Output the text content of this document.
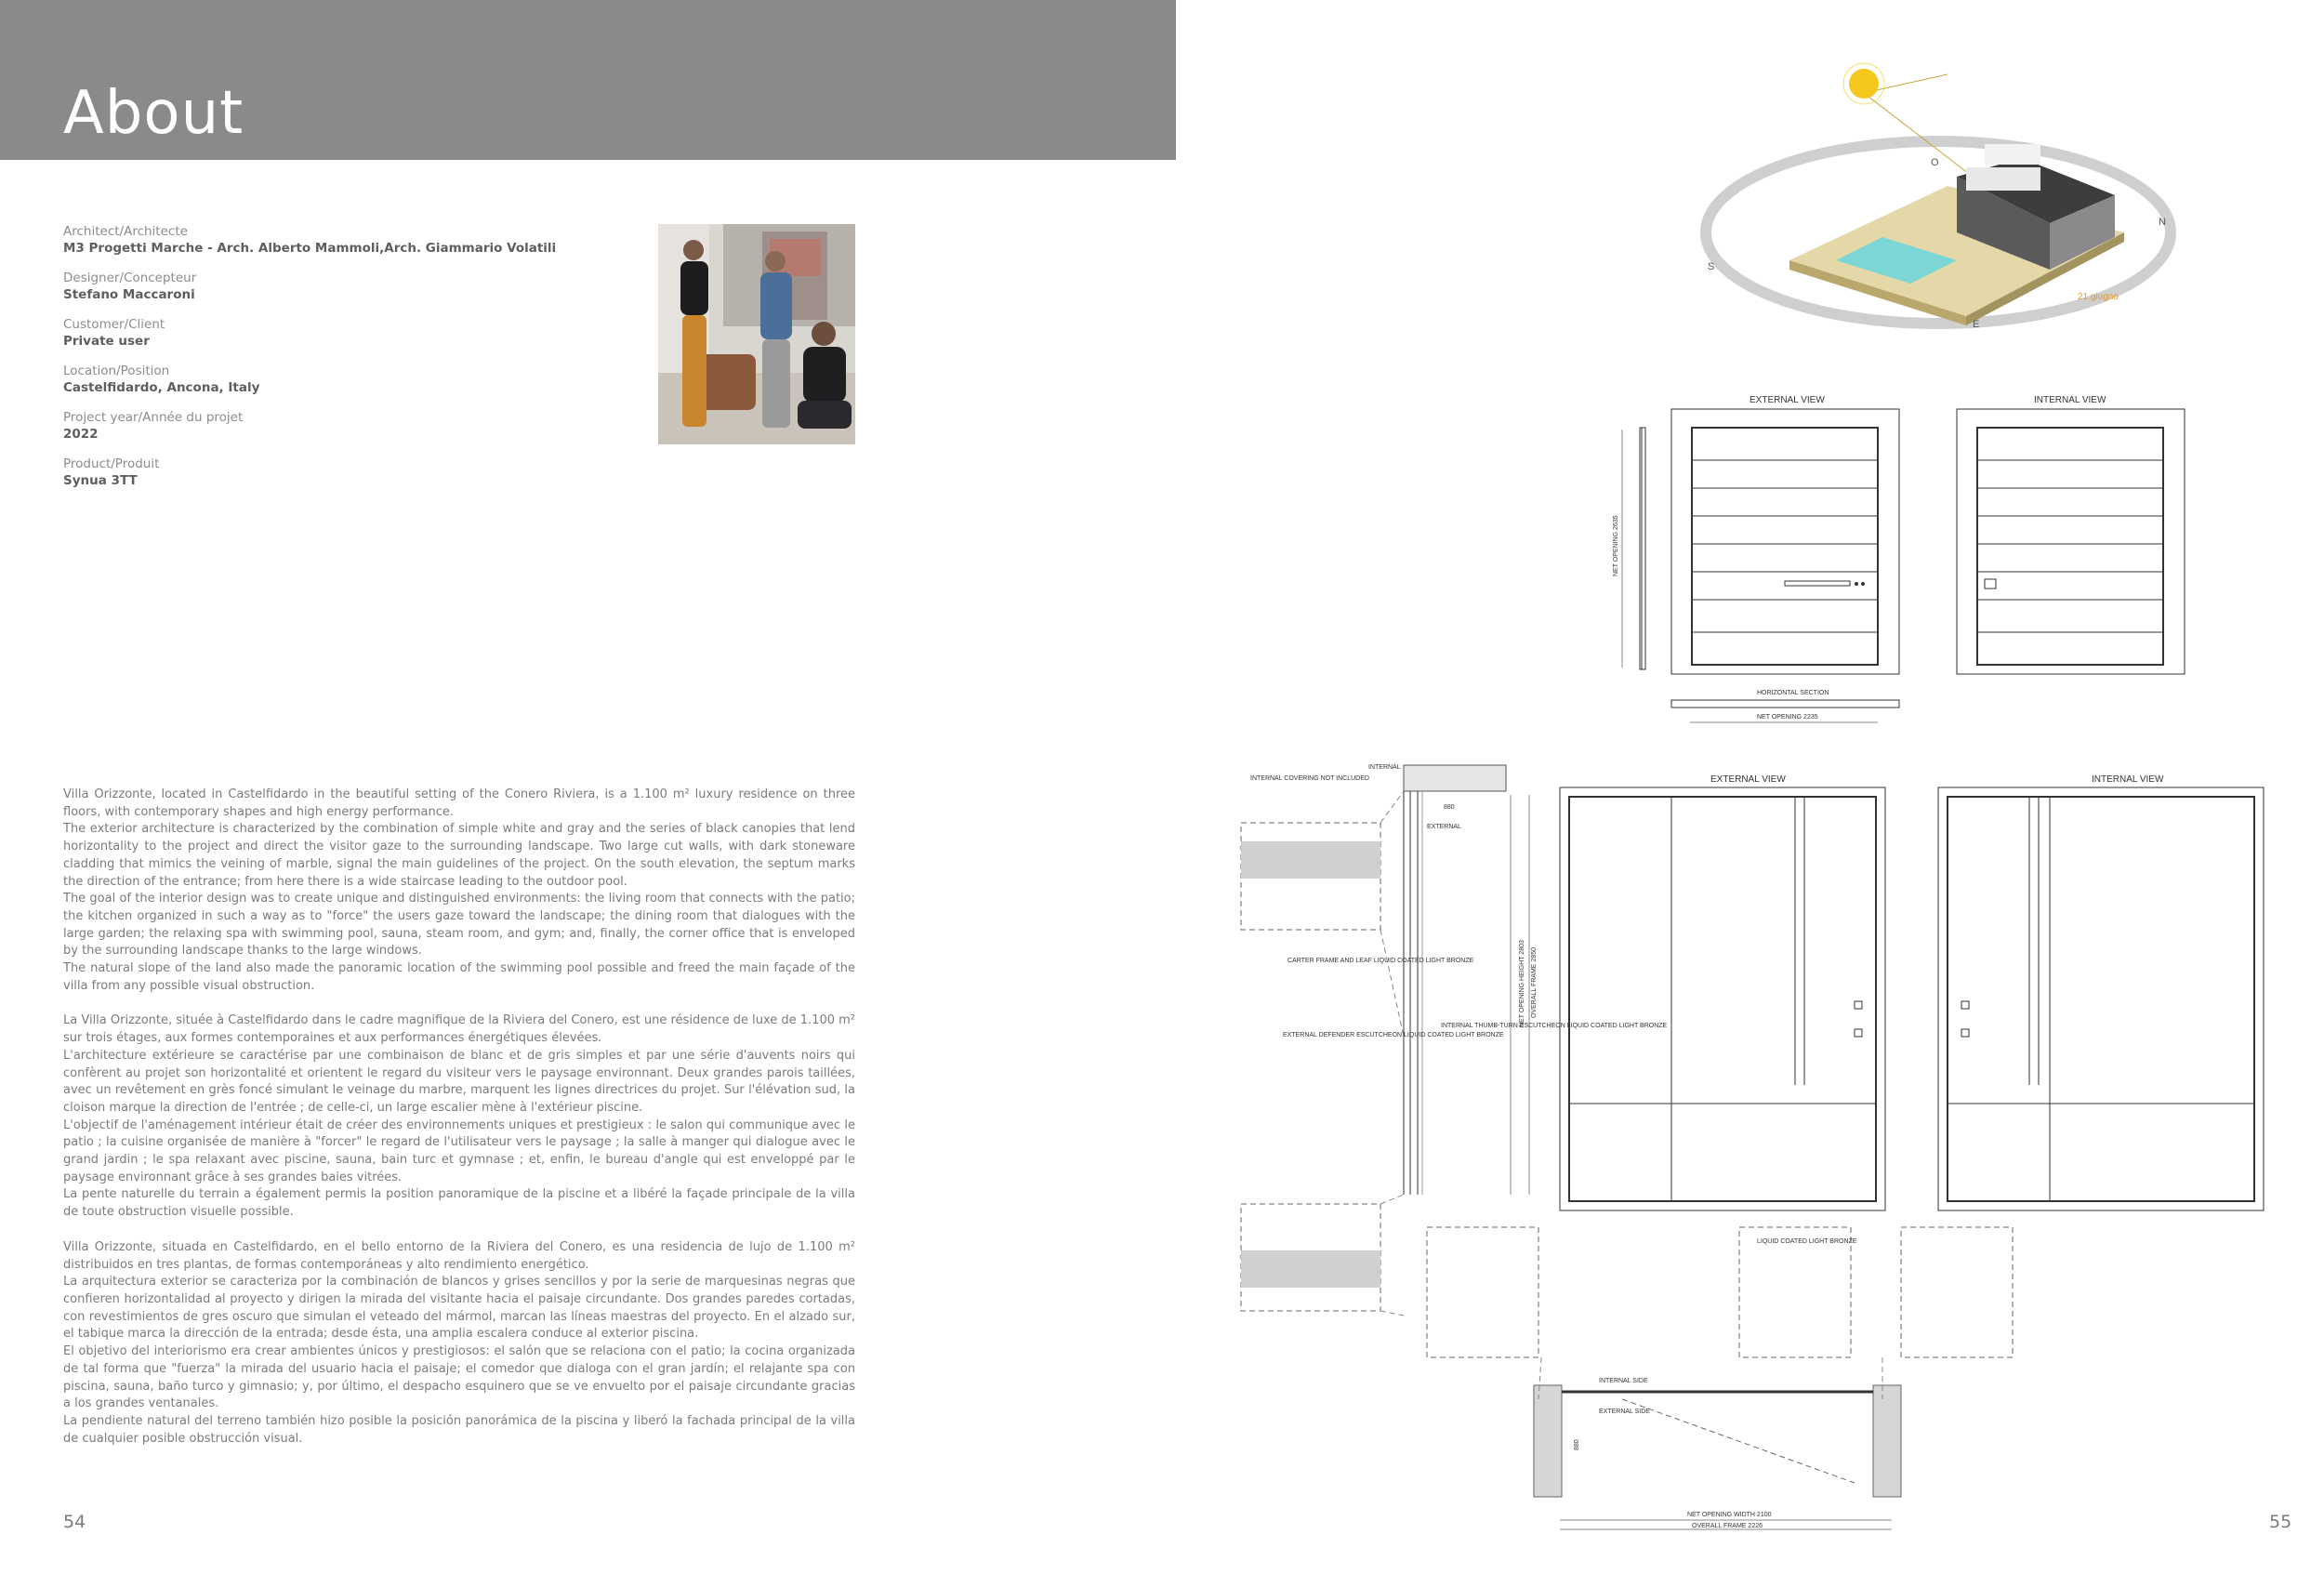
About
Architect/Architecte
M3 Progetti Marche - Arch. Alberto Mammoli,Arch. Giammario Volatili
Designer/Concepteur
Stefano Maccaroni
Customer/Client
Private user
Location/Position
Castelfidardo, Ancona, Italy
Project year/Année du projet
2022
Product/Produit
Synua 3TT

Villa Orizzonte, located in Castelfidardo in the beautiful setting of the Conero Riviera, is a 1.100 m² luxury residence on three floors, with contemporary shapes and high energy performance.
The exterior architecture is characterized by the combination of simple white and gray and the series of black canopies that lend horizontality to the project and direct the visitor gaze to the surrounding landscape. Two large cut walls, with dark stoneware cladding that mimics the veining of marble, signal the main guidelines of the project. On the south elevation, the septum marks the direction of the entrance; from here there is a wide staircase leading to the outdoor pool.
The goal of the interior design was to create unique and distinguished environments: the living room that connects with the patio; the kitchen organized in such a way as to "force" the users gaze toward the landscape; the dining room that dialogues with the large garden; the relaxing spa with swimming pool, sauna, steam room, and gym; and, finally, the corner office that is enveloped by the surrounding landscape thanks to the large windows.
The natural slope of the land also made the panoramic location of the swimming pool possible and freed the main façade of the villa from any possible visual obstruction.

La Villa Orizzonte, située à Castelfidardo dans le cadre magnifique de la Riviera del Conero, est une résidence de luxe de 1.100 m² sur trois étages, aux formes contemporaines et aux performances énergétiques élevées.
L'architecture extérieure se caractérise par une combinaison de blanc et de gris simples et par une série d'auvents noirs qui confèrent au projet son horizontalité et orientent le regard du visiteur vers le paysage environnant. Deux grandes parois taillées, avec un revêtement en grès foncé simulant le veinage du marbre, marquent les lignes directrices du projet. Sur l'élévation sud, la cloison marque la direction de l'entrée ; de celle-ci, un large escalier mène à l'extérieur piscine.
L'objectif de l'aménagement intérieur était de créer des environnements uniques et prestigieux : le salon qui communique avec le patio ; la cuisine organisée de manière à "forcer" le regard de l'utilisateur vers le paysage ; la salle à manger qui dialogue avec le grand jardin ; le spa relaxant avec piscine, sauna, bain turc et gymnase ; et, enfin, le bureau d'angle qui est enveloppé par le paysage environnant grâce à ses grandes baies vitrées.
La pente naturelle du terrain a également permis la position panoramique de la piscine et a libéré la façade principale de la villa de toute obstruction visuelle possible.

Villa Orizzonte, situada en Castelfidardo, en el bello entorno de la Riviera del Conero, es una residencia de lujo de 1.100 m² distribuidos en tres plantas, de formas contemporáneas y alto rendimiento energético.
La arquitectura exterior se caracteriza por la combinación de blancos y grises sencillos y por la serie de marquesinas negras que confieren horizontalidad al proyecto y dirigen la mirada del visitante hacia el paisaje circundante. Dos grandes paredes cortadas, con revestimientos de gres oscuro que simulan el veteado del mármol, marcan las líneas maestras del proyecto. En el alzado sur, el tabique marca la dirección de la entrada; desde ésta, una amplia escalera conduce al exterior piscina.
El objetivo del interiorismo era crear ambientes únicos y prestigiosos: el salón que se relaciona con el patio; la cocina organizada de tal forma que "fuerza" la mirada del usuario hacia el paisaje; el comedor que dialoga con el gran jardín; el relajante spa con piscina, sauna, baño turco y gimnasio; y, por último, el despacho esquinero que se ve envuelto por el paisaje circundante gracias a los grandes ventanales.
La pendiente natural del terreno también hizo posible la posición panorámica de la piscina y liberó la fachada principal de la villa de cualquier posible obstrucción visual.

54	55
O
N
S
E
21 giugno
EXTERNAL VIEW	INTERNAL VIEW
HORIZONTAL SECTION
NET OPENING 2235
NET OPENING 2635
EXTERNAL VIEW	INTERNAL VIEW
INTERNAL
EXTERNAL
880
INTERNAL COVERING NOT INCLUDED
CARTER FRAME AND LEAF LIQUID COATED LIGHT BRONZE
EXTERNAL DEFENDER ESCUTCHEON LIQUID COATED LIGHT BRONZE
INTERNAL THUMB-TURN ESCUTCHEON LIQUID COATED LIGHT BRONZE
NET OPENING HEIGHT 2803 OVERALL FRAME 2850
LIQUID COATED LIGHT BRONZE
INTERNAL SIDE
EXTERNAL SIDE
880
NET OPENING WIDTH 2100
OVERALL FRAME 2226
